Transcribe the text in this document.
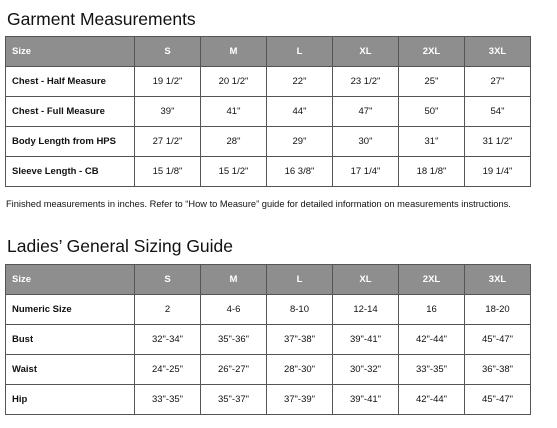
Garment Measurements
Size	S	M	L	XL	2XL	3XL
Chest - Half Measure	19 1/2"	20 1/2"	22"	23 1/2"	25"	27"
Chest - Full Measure	39"	41"	44"	47"	50"	54"
Body Length from HPS	27 1/2"	28"	29"	30"	31"	31 1/2"
Sleeve Length - CB	15 1/8"	15 1/2"	16 3/8"	17 1/4"	18 1/8"	19 1/4"

Finished measurements in inches. Refer to “How to Measure” guide for detailed information on measurements instructions.

Ladies’ General Sizing Guide
Size	S	M	L	XL	2XL	3XL
Numeric Size	2	4-6	8-10	12-14	16	18-20
Bust	32"-34"	35"-36"	37"-38"	39"-41"	42"-44"	45"-47"
Waist	24"-25"	26"-27"	28"-30"	30"-32"	33"-35"	36"-38"
Hip	33"-35"	35"-37"	37"-39"	39"-41"	42"-44"	45"-47"
